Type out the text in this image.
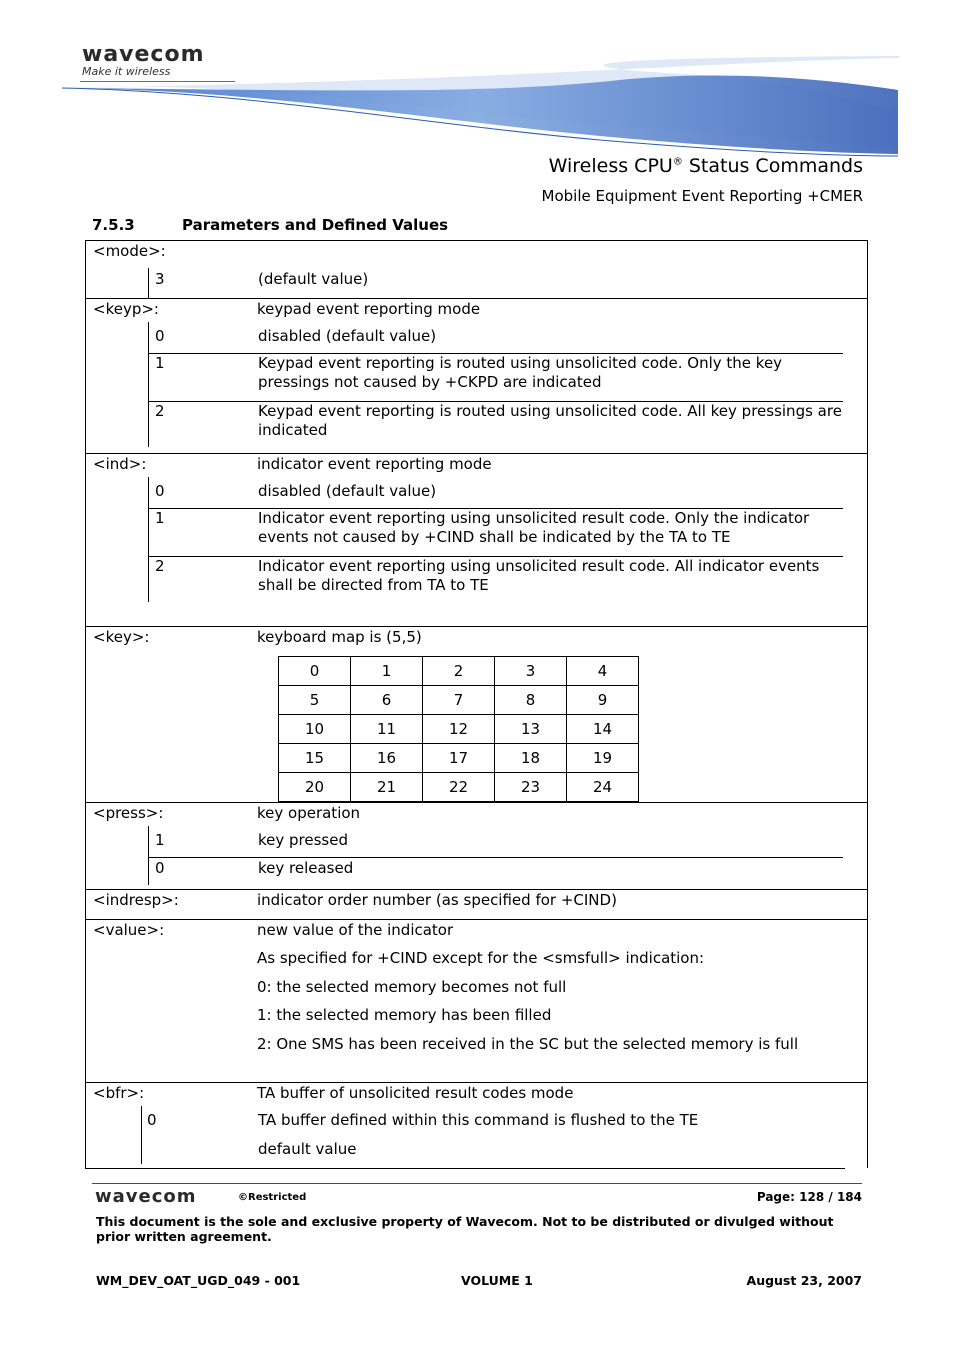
wavecom
Make it wireless
Wireless CPU® Status Commands
Mobile Equipment Event Reporting +CMER
7.5.3	Parameters and Defined Values
<mode>:
3	(default value)
<keyp>:	keypad event reporting mode
0	disabled (default value)
1	Keypad event reporting is routed using unsolicited code. Only the key pressings not caused by +CKPD are indicated
2	Keypad event reporting is routed using unsolicited code. All key pressings are indicated
<ind>:	indicator event reporting mode
0	disabled (default value)
1	Indicator event reporting using unsolicited result code. Only the indicator events not caused by +CIND shall be indicated by the TA to TE
2	Indicator event reporting using unsolicited result code. All indicator events shall be directed from TA to TE
<key>:	keyboard map is (5,5)
0	1	2	3	4
5	6	7	8	9
10	11	12	13	14
15	16	17	18	19
20	21	22	23	24
<press>:	key operation
1	key pressed
0	key released
<indresp>:	indicator order number (as specified for +CIND)
<value>:	new value of the indicator
As specified for +CIND except for the <smsfull> indication:
0: the selected memory becomes not full
1: the selected memory has been filled
2: One SMS has been received in the SC but the selected memory is full
<bfr>:	TA buffer of unsolicited result codes mode
0	TA buffer defined within this command is flushed to the TE
default value
wavecom	©Restricted	Page: 128 / 184
This document is the sole and exclusive property of Wavecom. Not to be distributed or divulged without prior written agreement.
WM_DEV_OAT_UGD_049 - 001	VOLUME 1	August 23, 2007
